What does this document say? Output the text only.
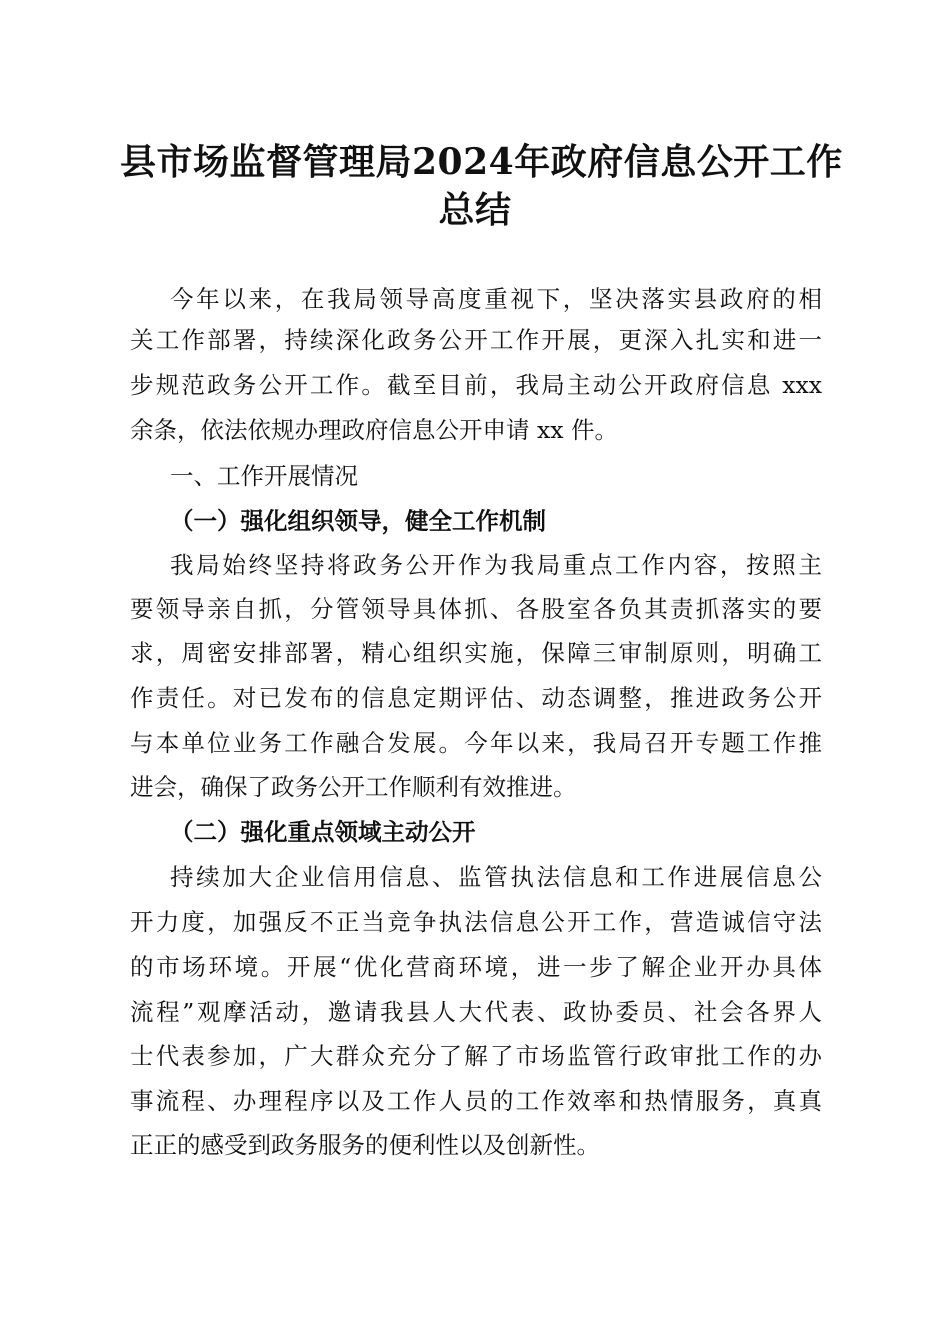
县市场监督管理局2024年政府信息公开工作
总结
今年以来，在我局领导高度重视下，坚决落实县政府的相
关工作部署，持续深化政务公开工作开展，更深入扎实和进一
步规范政务公开工作。截至目前，我局主动公开政府信息 xxx
余条，依法依规办理政府信息公开申请 xx 件。
一、工作开展情况
（一）强化组织领导，健全工作机制
我局始终坚持将政务公开作为我局重点工作内容，按照主
要领导亲自抓，分管领导具体抓、各股室各负其责抓落实的要
求，周密安排部署，精心组织实施，保障三审制原则，明确工
作责任。对已发布的信息定期评估、动态调整，推进政务公开
与本单位业务工作融合发展。今年以来，我局召开专题工作推
进会，确保了政务公开工作顺利有效推进。
（二）强化重点领域主动公开
持续加大企业信用信息、监管执法信息和工作进展信息公
开力度，加强反不正当竞争执法信息公开工作，营造诚信守法
的市场环境。开展“优化营商环境，进一步了解企业开办具体
流程”观摩活动，邀请我县人大代表、政协委员、社会各界人
士代表参加，广大群众充分了解了市场监管行政审批工作的办
事流程、办理程序以及工作人员的工作效率和热情服务，真真
正正的感受到政务服务的便利性以及创新性。
